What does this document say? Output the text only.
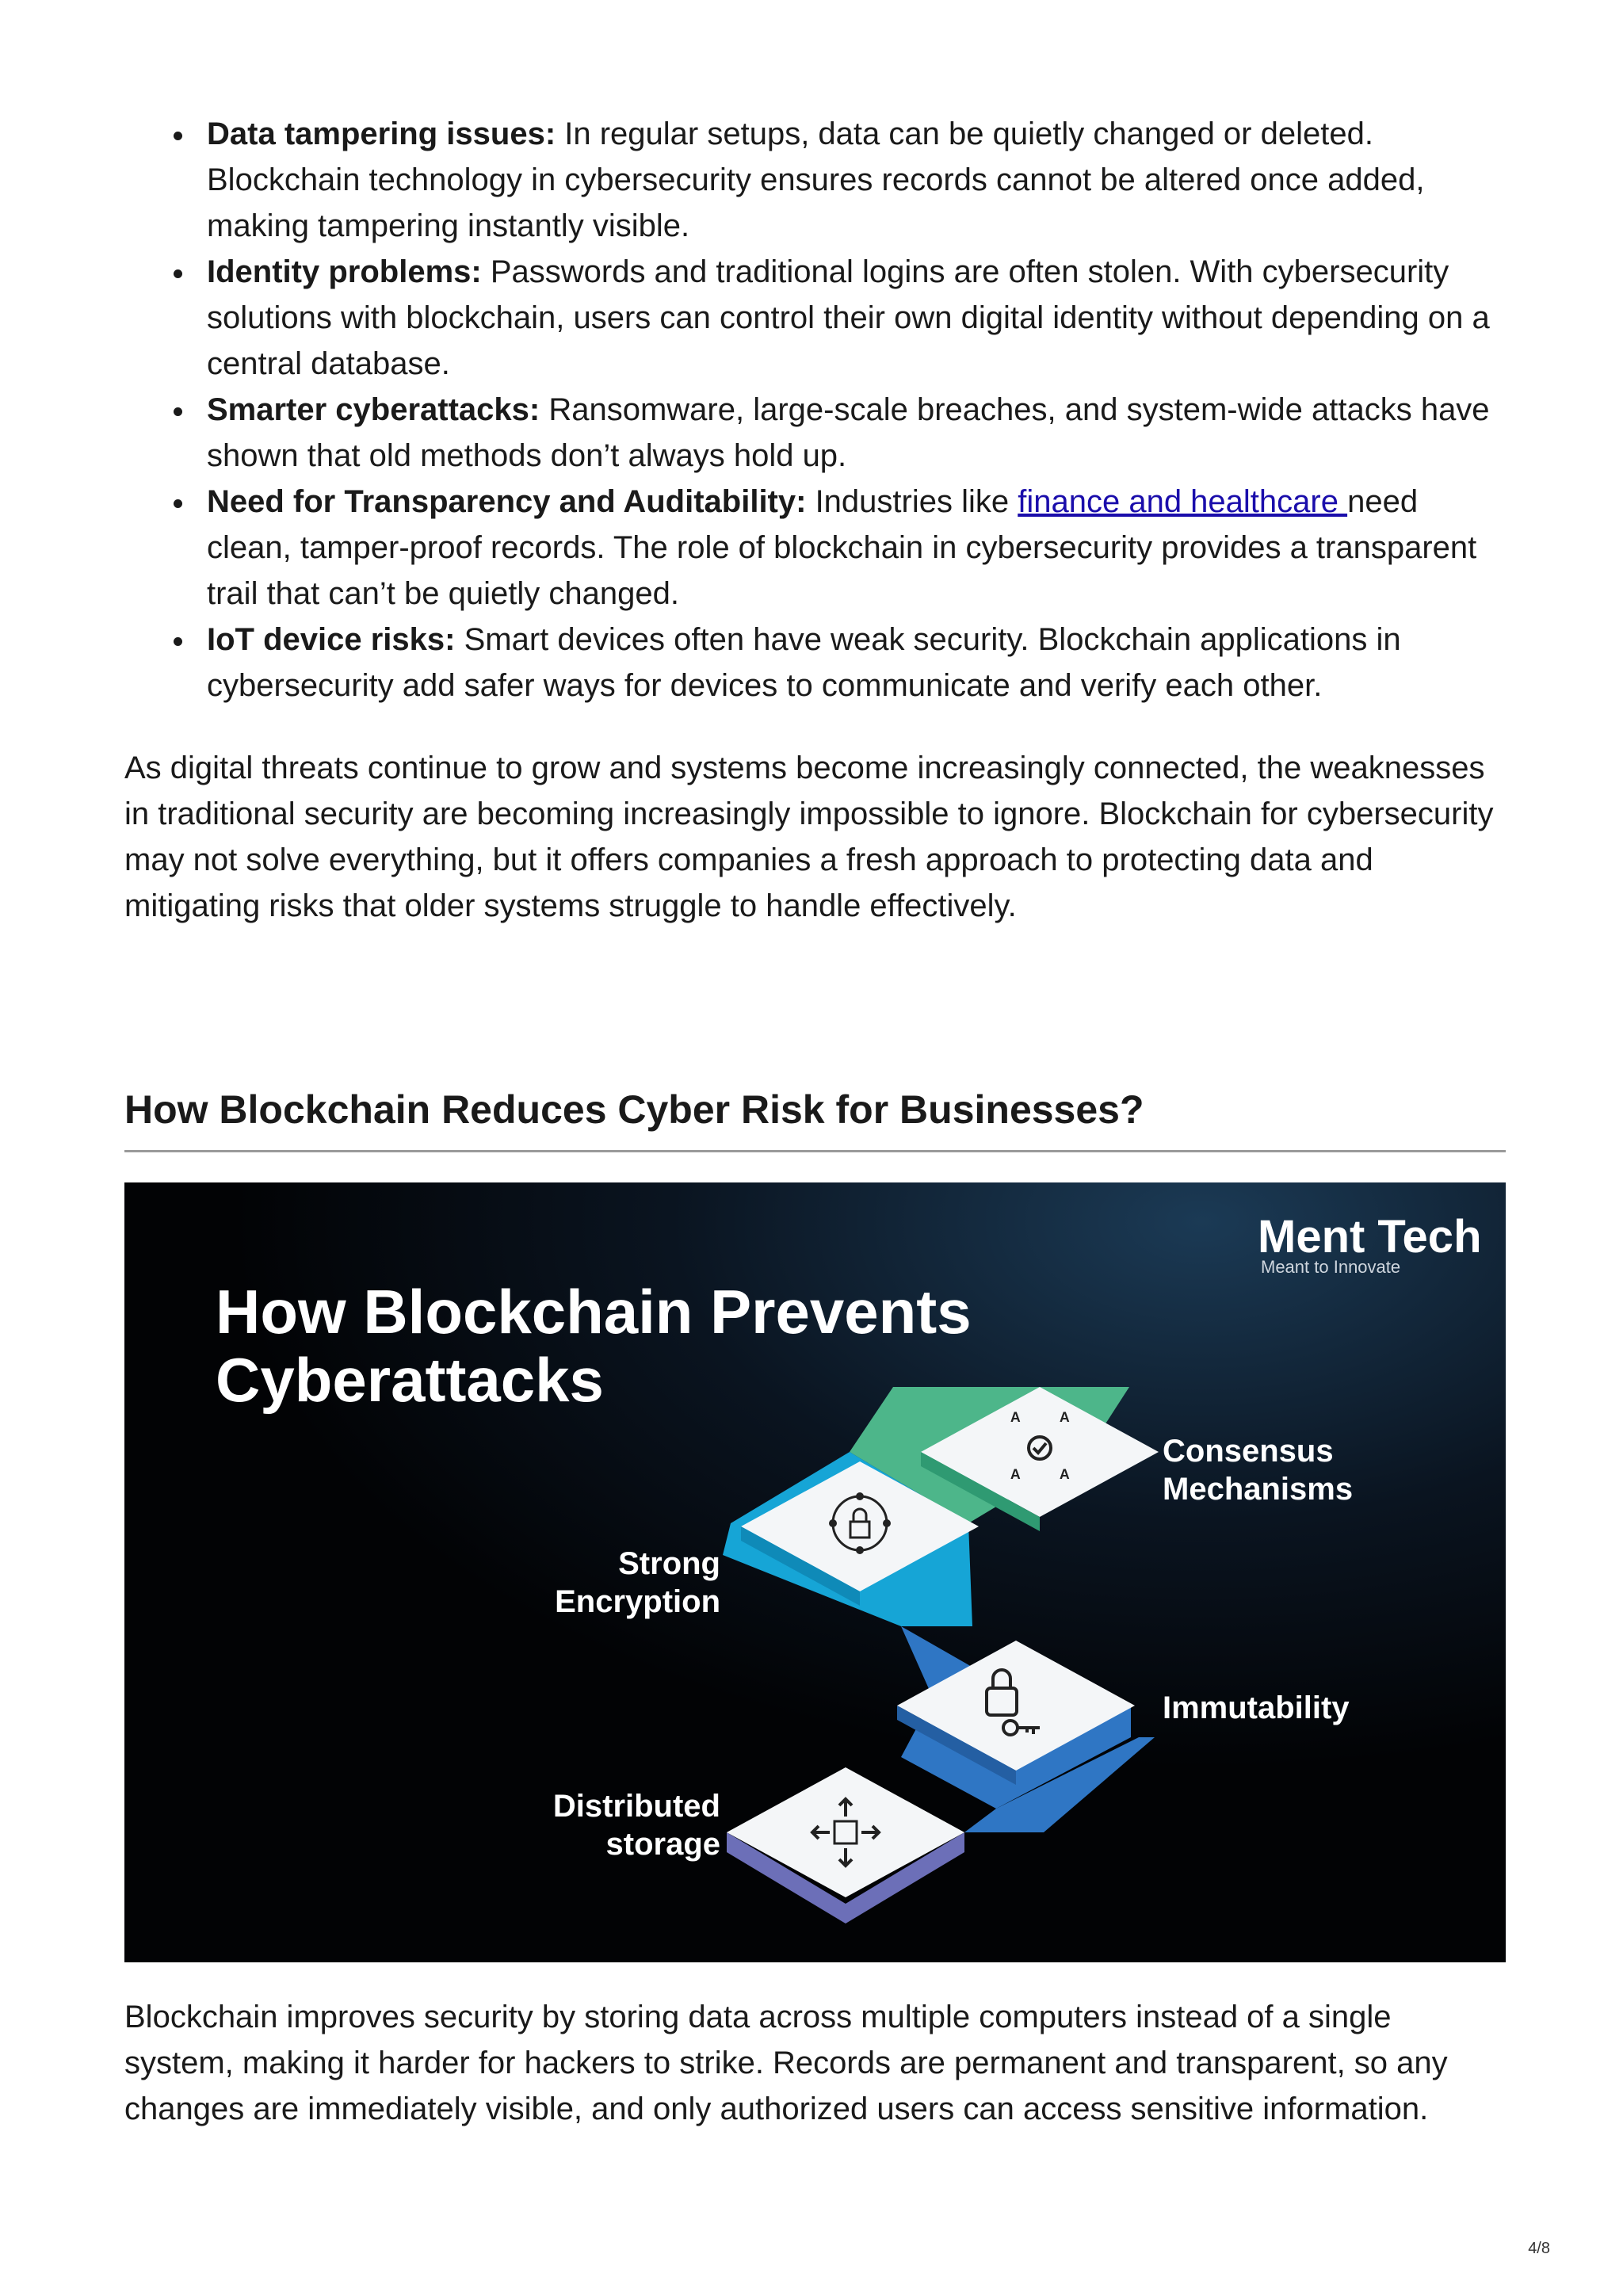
Data tampering issues: In regular setups, data can be quietly changed or deleted. Blockchain technology in cybersecurity ensures records cannot be altered once added, making tampering instantly visible.
Identity problems: Passwords and traditional logins are often stolen. With cybersecurity solutions with blockchain, users can control their own digital identity without depending on a central database.
Smarter cyberattacks: Ransomware, large-scale breaches, and system-wide attacks have shown that old methods don’t always hold up.
Need for Transparency and Auditability: Industries like finance and healthcare need clean, tamper-proof records. The role of blockchain in cybersecurity provides a transparent trail that can’t be quietly changed.
IoT device risks: Smart devices often have weak security. Blockchain applications in cybersecurity add safer ways for devices to communicate and verify each other.

As digital threats continue to grow and systems become increasingly connected, the weaknesses in traditional security are becoming increasingly impossible to ignore. Blockchain for cybersecurity may not solve everything, but it offers companies a fresh approach to protecting data and mitigating risks that older systems struggle to handle effectively.

How Blockchain Reduces Cyber Risk for Businesses?
How Blockchain Prevents
Cyberattacks
Ment Tech
Meant to Innovate
ᴬ ᴬ
ᴬ ᴬ
Consensus
Mechanisms
Strong
Encryption
Immutability
Distributed
storage

Blockchain improves security by storing data across multiple computers instead of a single system, making it harder for hackers to strike. Records are permanent and transparent, so any changes are immediately visible, and only authorized users can access sensitive information.

4/8
